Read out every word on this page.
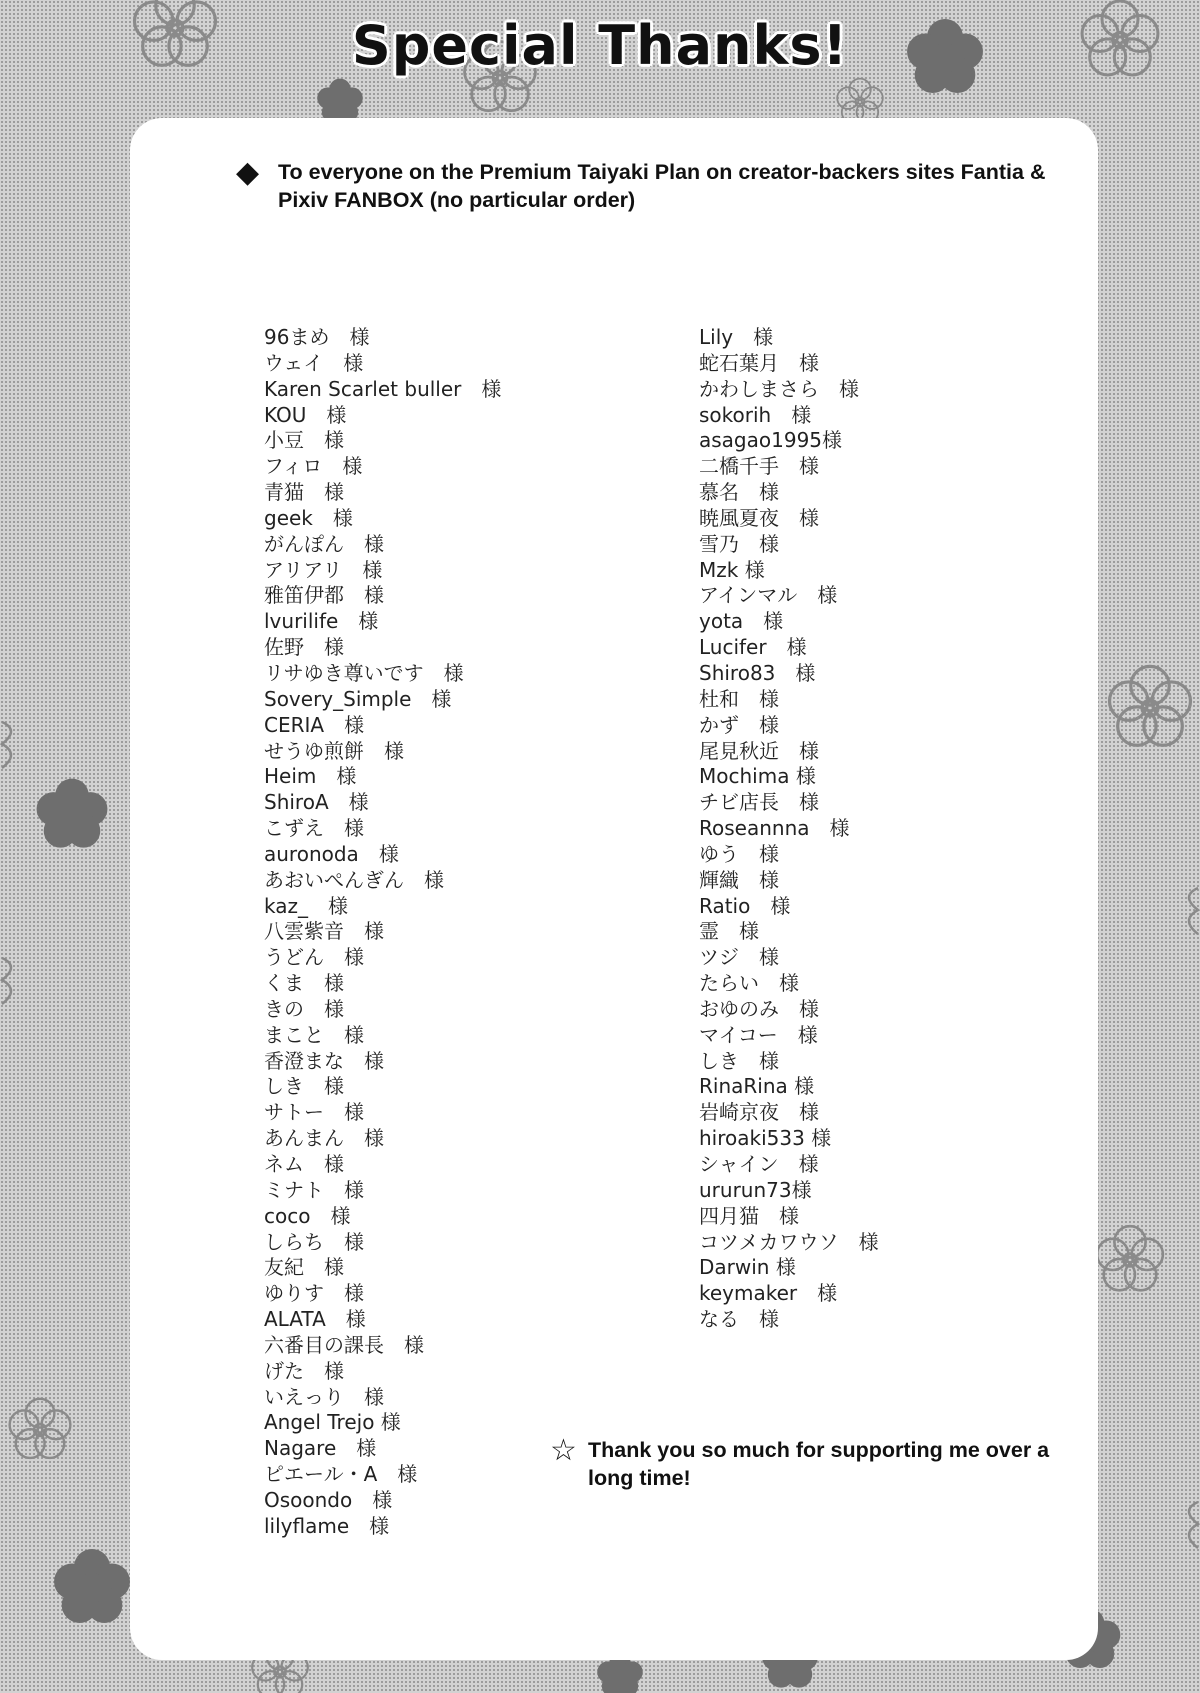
Special Thanks!
◆ To everyone on the Premium Taiyaki Plan on creator-backers sites Fantia & Pixiv FANBOX (no particular order)
96まめ　様
ウェイ　様
Karen Scarlet buller　様
KOU　様
小豆　様
フィロ　様
青猫　様
geek　様
がんぽん　様
アリアリ　様
雅笛伊都　様
lvurilife　様
佐野　様
リサゆき尊いです　様
Sovery_Simple　様
CERIA　様
せうゆ煎餅　様
Heim　様
ShiroA　様
こずえ　様
auronoda　様
あおいぺんぎん　様
kaz_　様
八雲紫音　様
うどん　様
くま　様
きの　様
まこと　様
香澄まな　様
しき　様
サトー　様
あんまん　様
ネム　様
ミナト　様
coco　様
しらち　様
友紀　様
ゆりす　様
ALATA　様
六番目の課長　様
げた　様
いえっり　様
Angel Trejo 様
Nagare　様
ピエール・A　様
Osoondo　様
lilyflame　様
Lily　様
蛇石葉月　様
かわしまさら　様
sokorih　様
asagao1995様
二橋千手　様
慕名　様
暁風夏夜　様
雪乃　様
Mzk 様
アインマル　様
yota　様
Lucifer　様
Shiro83　様
杜和　様
かず　様
尾見秋近　様
Mochima 様
チビ店長　様
Roseannna　様
ゆう　様
輝織　様
Ratio　様
霊　様
ツジ　様
たらい　様
おゆのみ　様
マイコー　様
しき　様
RinaRina 様
岩崎京夜　様
hiroaki533 様
シャイン　様
ururun73様
四月猫　様
コツメカワウソ　様
Darwin 様
keymaker　様
なる　様
☆ Thank you so much for supporting me over a long time!
